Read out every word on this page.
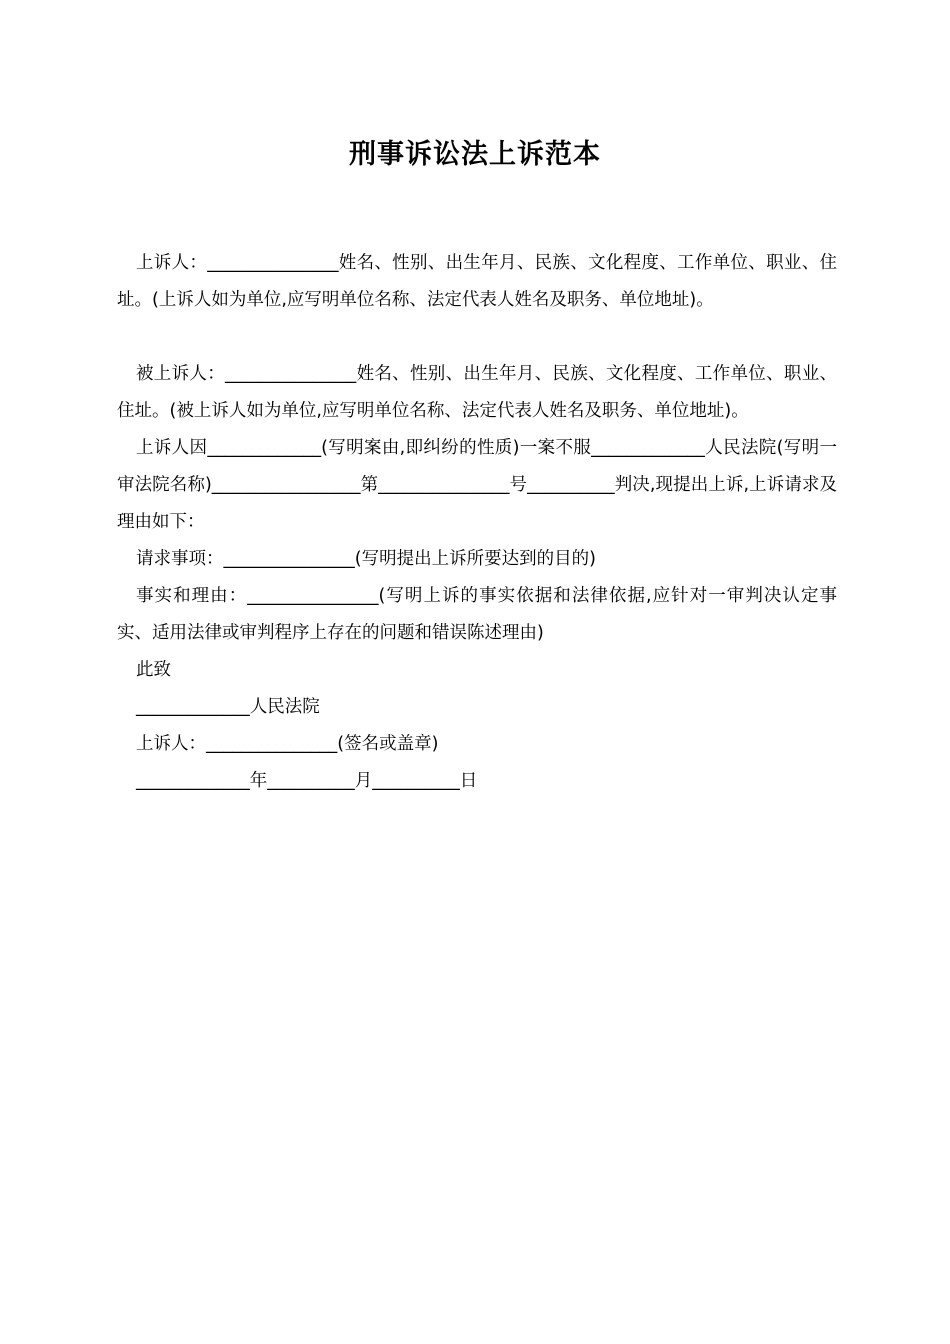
刑事诉讼法上诉范本

上诉人：_______________姓名、性别、出生年月、民族、文化程度、工作单位、职业、住址。(上诉人如为单位,应写明单位名称、法定代表人姓名及职务、单位地址)。

被上诉人：_______________姓名、性别、出生年月、民族、文化程度、工作单位、职业、住址。(被上诉人如为单位,应写明单位名称、法定代表人姓名及职务、单位地址)。

上诉人因_____________(写明案由,即纠纷的性质)一案不服_____________人民法院(写明一审法院名称)_________________第_______________号__________判决,现提出上诉,上诉请求及理由如下：

请求事项：_______________(写明提出上诉所要达到的目的)

事实和理由：_______________(写明上诉的事实依据和法律依据,应针对一审判决认定事实、适用法律或审判程序上存在的问题和错误陈述理由)

此致

_____________人民法院

上诉人：_______________(签名或盖章)

_____________年__________月__________日
